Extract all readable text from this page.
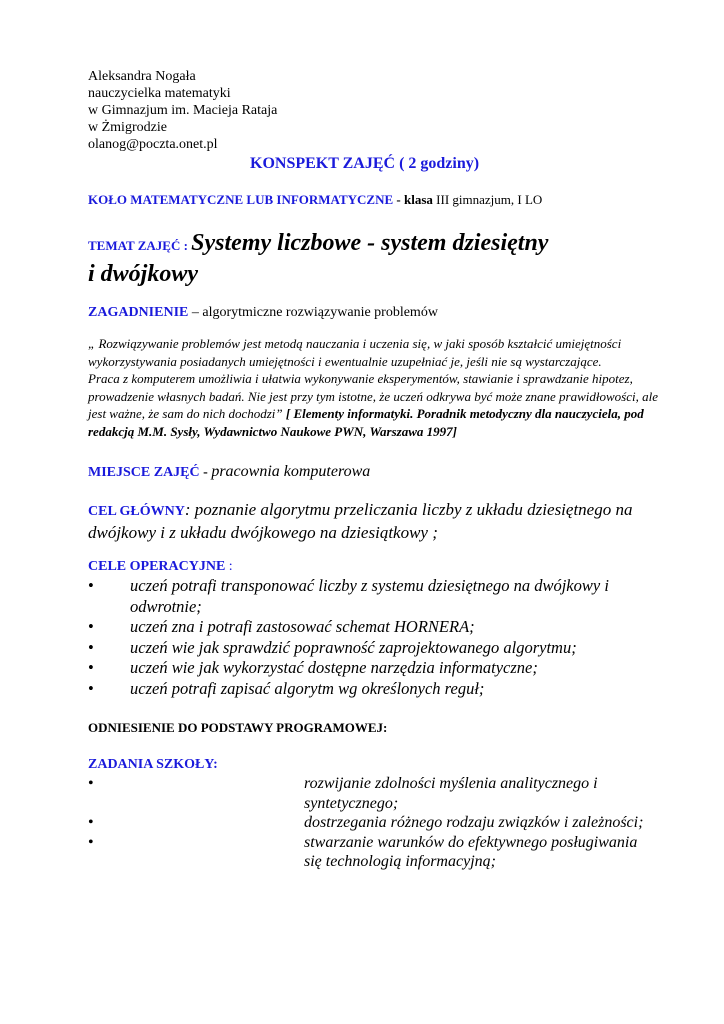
Aleksandra Nogała

nauczycielka matematyki

w Gimnazjum im. Macieja Rataja

w Żmigrodzie

olanog@poczta.onet.pl

KONSPEKT ZAJĘĆ ( 2 godziny)
KOŁO MATEMATYCZNE LUB INFORMATYCZNE - klasa III gimnazjum, I LO
TEMAT ZAJĘĆ : Systemy liczbowe - system dziesiętny
i dwójkowy
ZAGADNIENIE – algorytmiczne rozwiązywanie problemów
„ Rozwiązywanie problemów jest metodą nauczania i uczenia się, w jaki sposób kształcić umiejętności wykorzystywania posiadanych umiejętności i ewentualnie uzupełniać je, jeśli nie są wystarczające.
Praca z komputerem umożliwia i ułatwia wykonywanie eksperymentów, stawianie i sprawdzanie hipotez, prowadzenie własnych badań. Nie jest przy tym istotne, że uczeń odkrywa być może znane prawidłowości, ale jest ważne, że sam do nich dochodzi” [ Elementy informatyki. Poradnik metodyczny dla nauczyciela, pod redakcją M.M. Sysły, Wydawnictwo Naukowe PWN, Warszawa 1997]
MIEJSCE ZAJĘĆ - pracownia komputerowa
CEL GŁÓWNY: poznanie algorytmu przeliczania liczby z układu dziesiętnego na dwójkowy i z układu dwójkowego na dziesiątkowy ;
CELE OPERACYJNE :
• uczeń potrafi transponować liczby z systemu dziesiętnego na dwójkowy i odwrotnie;
• uczeń zna i potrafi zastosować schemat HORNERA;
• uczeń wie jak sprawdzić poprawność zaprojektowanego algorytmu;
• uczeń wie jak wykorzystać dostępne narzędzia informatyczne;
• uczeń potrafi zapisać algorytm wg określonych reguł;
ODNIESIENIE DO PODSTAWY PROGRAMOWEJ:
ZADANIA SZKOŁY:
•	rozwijanie zdolności myślenia analitycznego i syntetycznego;
•	dostrzegania różnego rodzaju związków i zależności;
•	stwarzanie warunków do efektywnego posługiwania się technologią informacyjną;
